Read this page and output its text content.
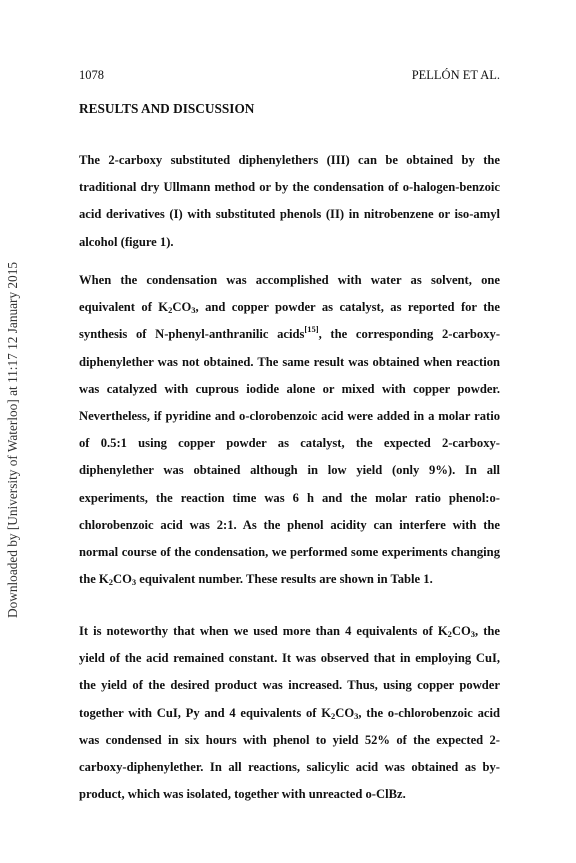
Downloaded by [University of Waterloo] at 11:17 12 January 2015
1078	PELLÓN ET AL.
RESULTS AND DISCUSSION

The 2-carboxy substituted diphenylethers (III) can be obtained by the traditional dry Ullmann method or by the condensation of o-halogen-benzoic acid derivatives (I) with substituted phenols (II) in nitrobenzene or iso-amyl alcohol (figure 1).

When the condensation was accomplished with water as solvent, one equivalent of $K_2CO_3$, and copper powder as catalyst, as reported for the synthesis of N-phenyl-anthranilic acids[15], the corresponding 2-carboxy-diphenylether was not obtained. The same result was obtained when reaction was catalyzed with cuprous iodide alone or mixed with copper powder. Nevertheless, if pyridine and o-clorobenzoic acid were added in a molar ratio of 0.5:1 using copper powder as catalyst, the expected 2-carboxy-diphenylether was obtained although in low yield (only 9%). In all experiments, the reaction time was 6 h and the molar ratio phenol:o-chlorobenzoic acid was 2:1. As the phenol acidity can interfere with the normal course of the condensation, we performed some experiments changing the $K_2CO_3$ equivalent number. These results are shown in Table 1.

It is noteworthy that when we used more than 4 equivalents of $K_2CO_3$, the yield of the acid remained constant. It was observed that in employing CuI, the yield of the desired product was increased. Thus, using copper powder together with CuI, Py and 4 equivalents of $K_2CO_3$, the o-chlorobenzoic acid was condensed in six hours with phenol to yield 52% of the expected 2-carboxy-diphenylether. In all reactions, salicylic acid was obtained as by-product, which was isolated, together with unreacted o-ClBz.
